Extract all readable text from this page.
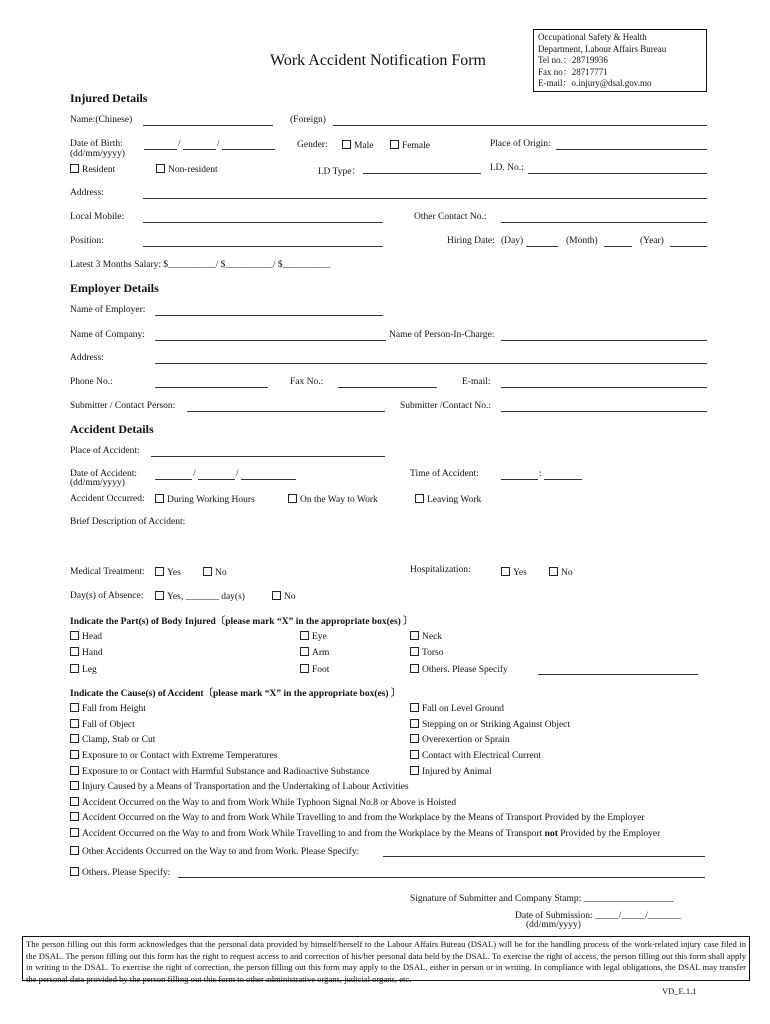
Work Accident Notification Form
Occupational Safety & Health
Department, Labour Affairs Bureau
Tel no.：28719936
Fax no：28717771
E-mail：o.injury@dsal.gov.mo
Injured Details
Name:(Chinese)	(Foreign)
Date of Birth:
(dd/mm/yyyy)
/	/	Gender:	Male	Female	Place of Origin:
Resident	Non-resident	I.D Type：	I.D. No.:
Address:
Local Mobile:	Other Contact No.:
Position:	Hiring Date: (Day)	(Month)	(Year)
Latest 3 Months Salary: $__________/ $__________/ $__________
Employer Details
Name of Employer:
Name of Company:	Name of Person-In-Charge:
Address:
Phone No.:	Fax No.:	E-mail:
Submitter / Contact Person:	Submitter /Contact No.:
Accident Details
Place of Accident:
Date of Accident:
(dd/mm/yyyy)
/	/	Time of Accident:	:
Accident Occurred:	During Working Hours	On the Way to Work	Leaving Work
Brief Description of Accident:
Medical Treatment:	Yes	No	Hospitalization:	Yes	No
Day(s) of Absence:	Yes, _______ day(s)	No
Indicate the Part(s) of Body Injured〔please mark “X” in the appropriate box(es) 〕
Head	Eye	Neck
Hand	Arm	Torso
Leg	Foot	Others. Please Specify
Indicate the Cause(s) of Accident〔please mark “X” in the appropriate box(es) 〕
Fall from Height	Fall on Level Ground
Fall of Object	Stepping on or Striking Against Object
Clamp, Stab or Cut	Overexertion or Sprain
Exposure to or Contact with Extreme Temperatures	Contact with Electrical Current
Exposure to or Contact with Harmful Substance and Radioactive Substance	Injured by Animal
Injury Caused by a Means of Transportation and the Undertaking of Labour Activities
Accident Occurred on the Way to and from Work While Typhoon Signal No.8 or Above is Hoisted
Accident Occurred on the Way to and from Work While Travelling to and from the Workplace by the Means of Transport Provided by the Employer
Accident Occurred on the Way to and from Work While Travelling to and from the Workplace by the Means of Transport not Provided by the Employer
Other Accidents Occurred on the Way to and from Work. Please Specify:
Others. Please Specify:
Signature of Submitter and Company Stamp: ___________________
Date of Submission: _____/_____/_______
(dd/mm/yyyy)
The person filling out this form acknowledges that the personal data provided by himself/herself to the Labour Affairs Bureau (DSAL) will be for the handling process of the work-related injury case filed in the DSAL. The person filling out this form has the right to request access to and correction of his/her personal data held by the DSAL. To exercise the right of access, the person filling out this form shall apply in writing to the DSAL. To exercise the right of correction, the person filling out this form may apply to the DSAL, either in person or in writing. In compliance with legal obligations, the DSAL may transfer the personal data provided by the person filling out this form to other administrative organs, judicial organs, etc.
VD_E.1.1
